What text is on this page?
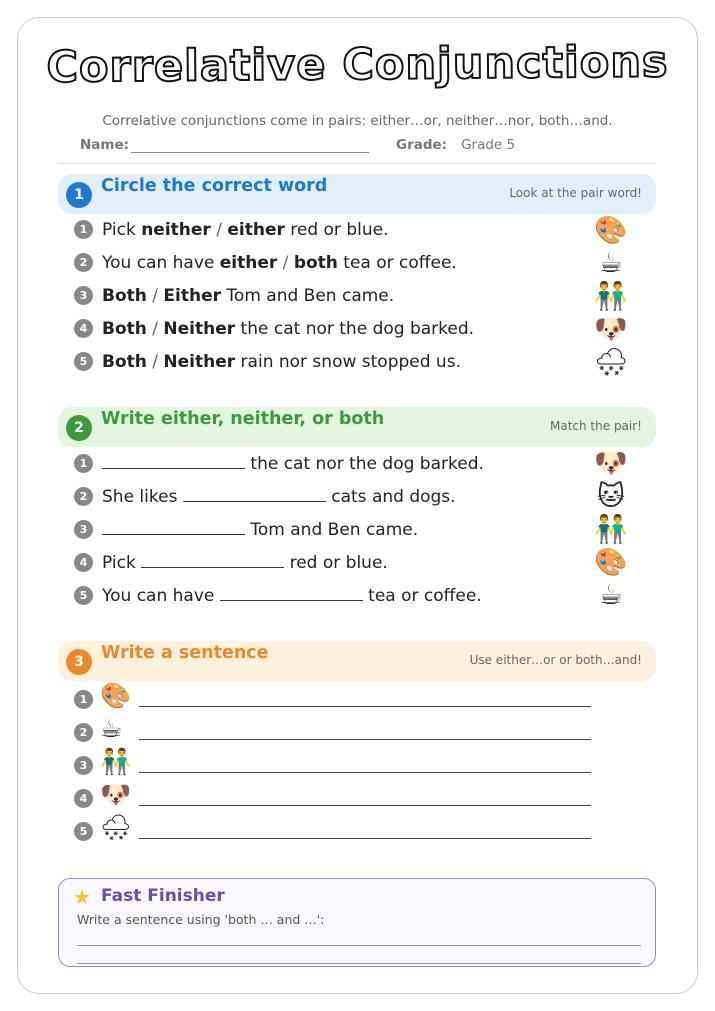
Correlative Conjunctions
Correlative conjunctions come in pairs: either…or, neither…nor, both…and.
Name:	Grade: Grade 5
1 Circle the correct word	Look at the pair word!
1 Pick neither / either red or blue.	🎨
2 You can have either / both tea or coffee.	☕
3 Both / Either Tom and Ben came.	👬
4 Both / Neither the cat nor the dog barked.	🐶
5 Both / Neither rain nor snow stopped us.	🌨
2 Write either, neither, or both	Match the pair!
1	the cat nor the dog barked.	🐶
2 She likes	cats and dogs.	🐱
3	Tom and Ben came.	👬
4 Pick	red or blue.	🎨
5 You can have	tea or coffee.	☕
3 Write a sentence	Use either…or or both…and!
1 🎨
2 ☕
3 👬
4 🐶
5 🌨
★ Fast Finisher
Write a sentence using 'both … and …':
